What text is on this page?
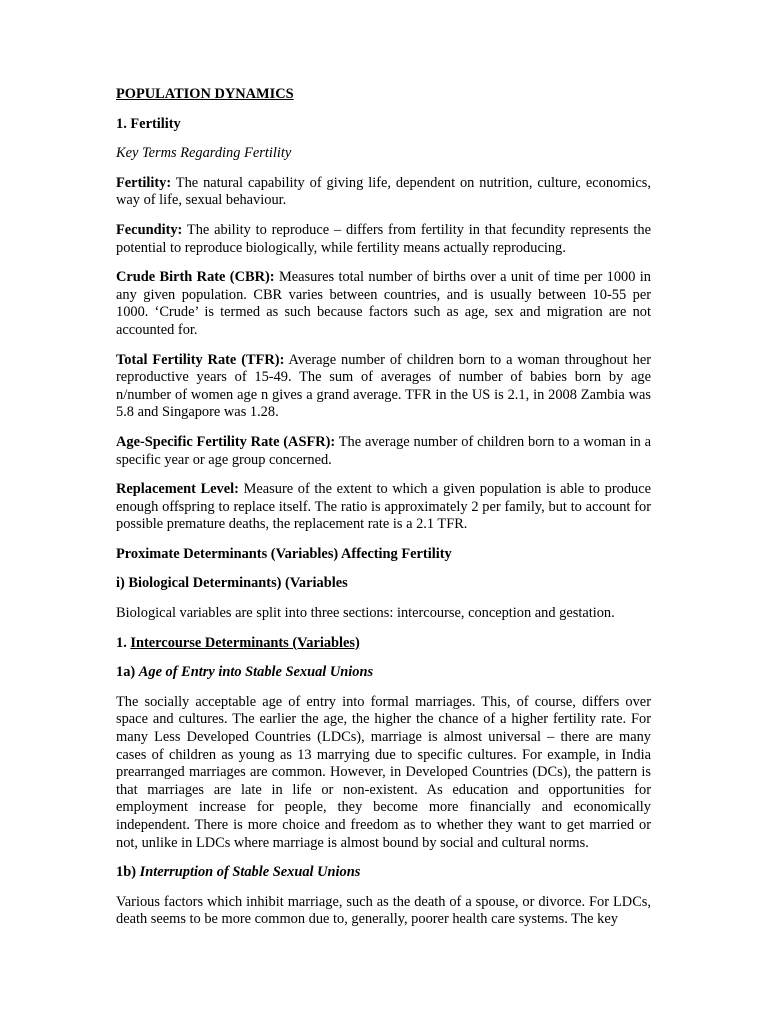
POPULATION DYNAMICS

1. Fertility

Key Terms Regarding Fertility

Fertility: The natural capability of giving life, dependent on nutrition, culture, economics, way of life, sexual behaviour.

Fecundity: The ability to reproduce – differs from fertility in that fecundity represents the potential to reproduce biologically, while fertility means actually reproducing.

Crude Birth Rate (CBR): Measures total number of births over a unit of time per 1000 in any given population. CBR varies between countries, and is usually between 10-55 per 1000. ‘Crude’ is termed as such because factors such as age, sex and migration are not accounted for.

Total Fertility Rate (TFR): Average number of children born to a woman throughout her reproductive years of 15-49. The sum of averages of number of babies born by age n/number of women age n gives a grand average. TFR in the US is 2.1, in 2008 Zambia was 5.8 and Singapore was 1.28.

Age-Specific Fertility Rate (ASFR): The average number of children born to a woman in a specific year or age group concerned.

Replacement Level: Measure of the extent to which a given population is able to produce enough offspring to replace itself. The ratio is approximately 2 per family, but to account for possible premature deaths, the replacement rate is a 2.1 TFR.

Proximate Determinants (Variables) Affecting Fertility

i) Biological Determinants) (Variables

Biological variables are split into three sections: intercourse, conception and gestation.

1. Intercourse Determinants (Variables)

1a) Age of Entry into Stable Sexual Unions

The socially acceptable age of entry into formal marriages. This, of course, differs over space and cultures. The earlier the age, the higher the chance of a higher fertility rate. For many Less Developed Countries (LDCs), marriage is almost universal – there are many cases of children as young as 13 marrying due to specific cultures. For example, in India prearranged marriages are common. However, in Developed Countries (DCs), the pattern is that marriages are late in life or non-existent. As education and opportunities for employment increase for people, they become more financially and economically independent. There is more choice and freedom as to whether they want to get married or not, unlike in LDCs where marriage is almost bound by social and cultural norms.

1b) Interruption of Stable Sexual Unions

Various factors which inhibit marriage, such as the death of a spouse, or divorce. For LDCs, death seems to be more common due to, generally, poorer health care systems. The key
